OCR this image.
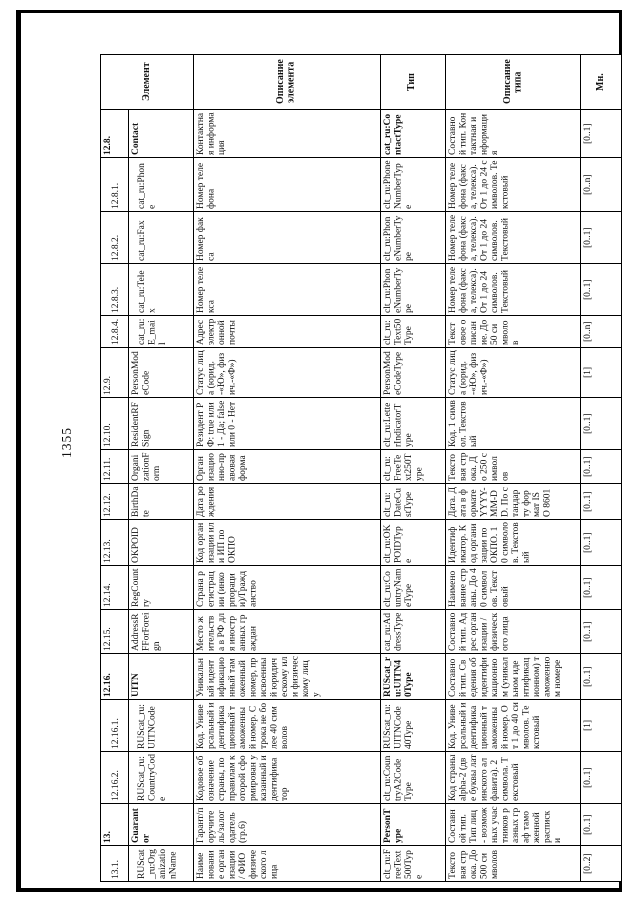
1355
Элемент		Описание элемента	Тип	Описание типа	Мн.
12.8.	Contact	Контактная информация	cat_ru:ContactType	Составной тип. Контактная информация	[0..1]
12.8.1.	cat_ru:Phone	Номер телефона	clt_ru:PhoneNumberType	Номер телефона (факса, телекса). От 1 до 24 символов. Текстовый	[0..n]
12.8.2.	cat_ru:Fax	Номер факса	clt_ru:PhoneNumberType	Номер телефона (факса, телекса). От 1 до 24 символов. Текстовый	[0..1]
12.8.3.	cat_ru:Telex	Номер телекса	clt_ru:PhoneNumberType	Номер телефона (факса, телекса). От 1 до 24 символов. Текстовый	[0..1]
12.8.4.	cat_ru:E_mail	Адрес электронной почты	clt_ru:Text50Type	Текстовое описание. До 50 символов	[0..n]
12.9.	PersonModeCode	Статус лица (юрид.-«Ю», физич.-«Ф»)	PersonModeCodeType	Статус лица (юрид.-«Ю», физич.-«Ф»)	[1]
12.10.	ResidentRFSign	Резидент РФ: true или 1 - Да; false или 0 - Нет	clt_ru:LetterIndicatorType	Код. 1 символ. Текстовый	[0..1]
12.11.	OrganizationForm	Организационно-правовая форма	clt_ru:FreeText250Type	Текстовая строка. До 250 символов	[0..1]
12.12.	BirthDate	Дата рождения	clt_ru:DateCustType	Дата. Дата в формате YYYY-MM-DD. По стандарту формат ISO 8601	[0..1]
12.13.	OKPOID	Код организации или ИП по ОКПО	clt_ru:OKPOIDType	Идентификатор. Код организации по ОКПО. 10 символов. Текстовый	[0..1]
12.14.	RegCountry	Страна регистрации (инкорпорации)/Гражданство	clt_ru:CountryNameType	Наименование страны. До 40 символов. Текстовый	[0..1]
12.15.	AddressRFForForeign	Место жительства в РФ для иностранных граждан	cat_ru:AddressType	Составной тип. Адрес организации / физического лица	[0..1]
12.16.	UITN	Уникальный идентификационный таможенный номер, присвоенный юридическому или физическому лицу	RUScat_ru:UITN40Type	Составной тип. Сведения об идентификационном (уникальном идентификационном) таможенном номере	[0..1]
12.16.1.	RUScat_ru:UITNCode	Код. Универсальный идентификационный таможенный номер. Строка не более 40 символов	RUScat_ru:UITNCode40Type	Код. Универсальный идентификационный таможенный номер. От 1 до 40 символов. Текстовый	[1]
12.16.2.	RUScat_ru:CountryCode	Кодовое обозначение страны, по правилам которой сформирован указанный идентификатор	clt_ru:CountryA2CodeType	Код страны alpha-2 (две буквы латинского алфавита). 2 символа. Текстовый	[0..1]
13.	Guarantor	Гарант/поручитель/залогодатель (гр.6)	PersonType	Составной тип. Тип лиц - возможных участников разных граф таможенной расписки	[0..1]
13.1.	RUScat_ru:OrganizationName	Наименование организации / ФИО физического лица	clt_ru:FreeText500Type	Текстовая строка. До 500 символов	[0..2]
